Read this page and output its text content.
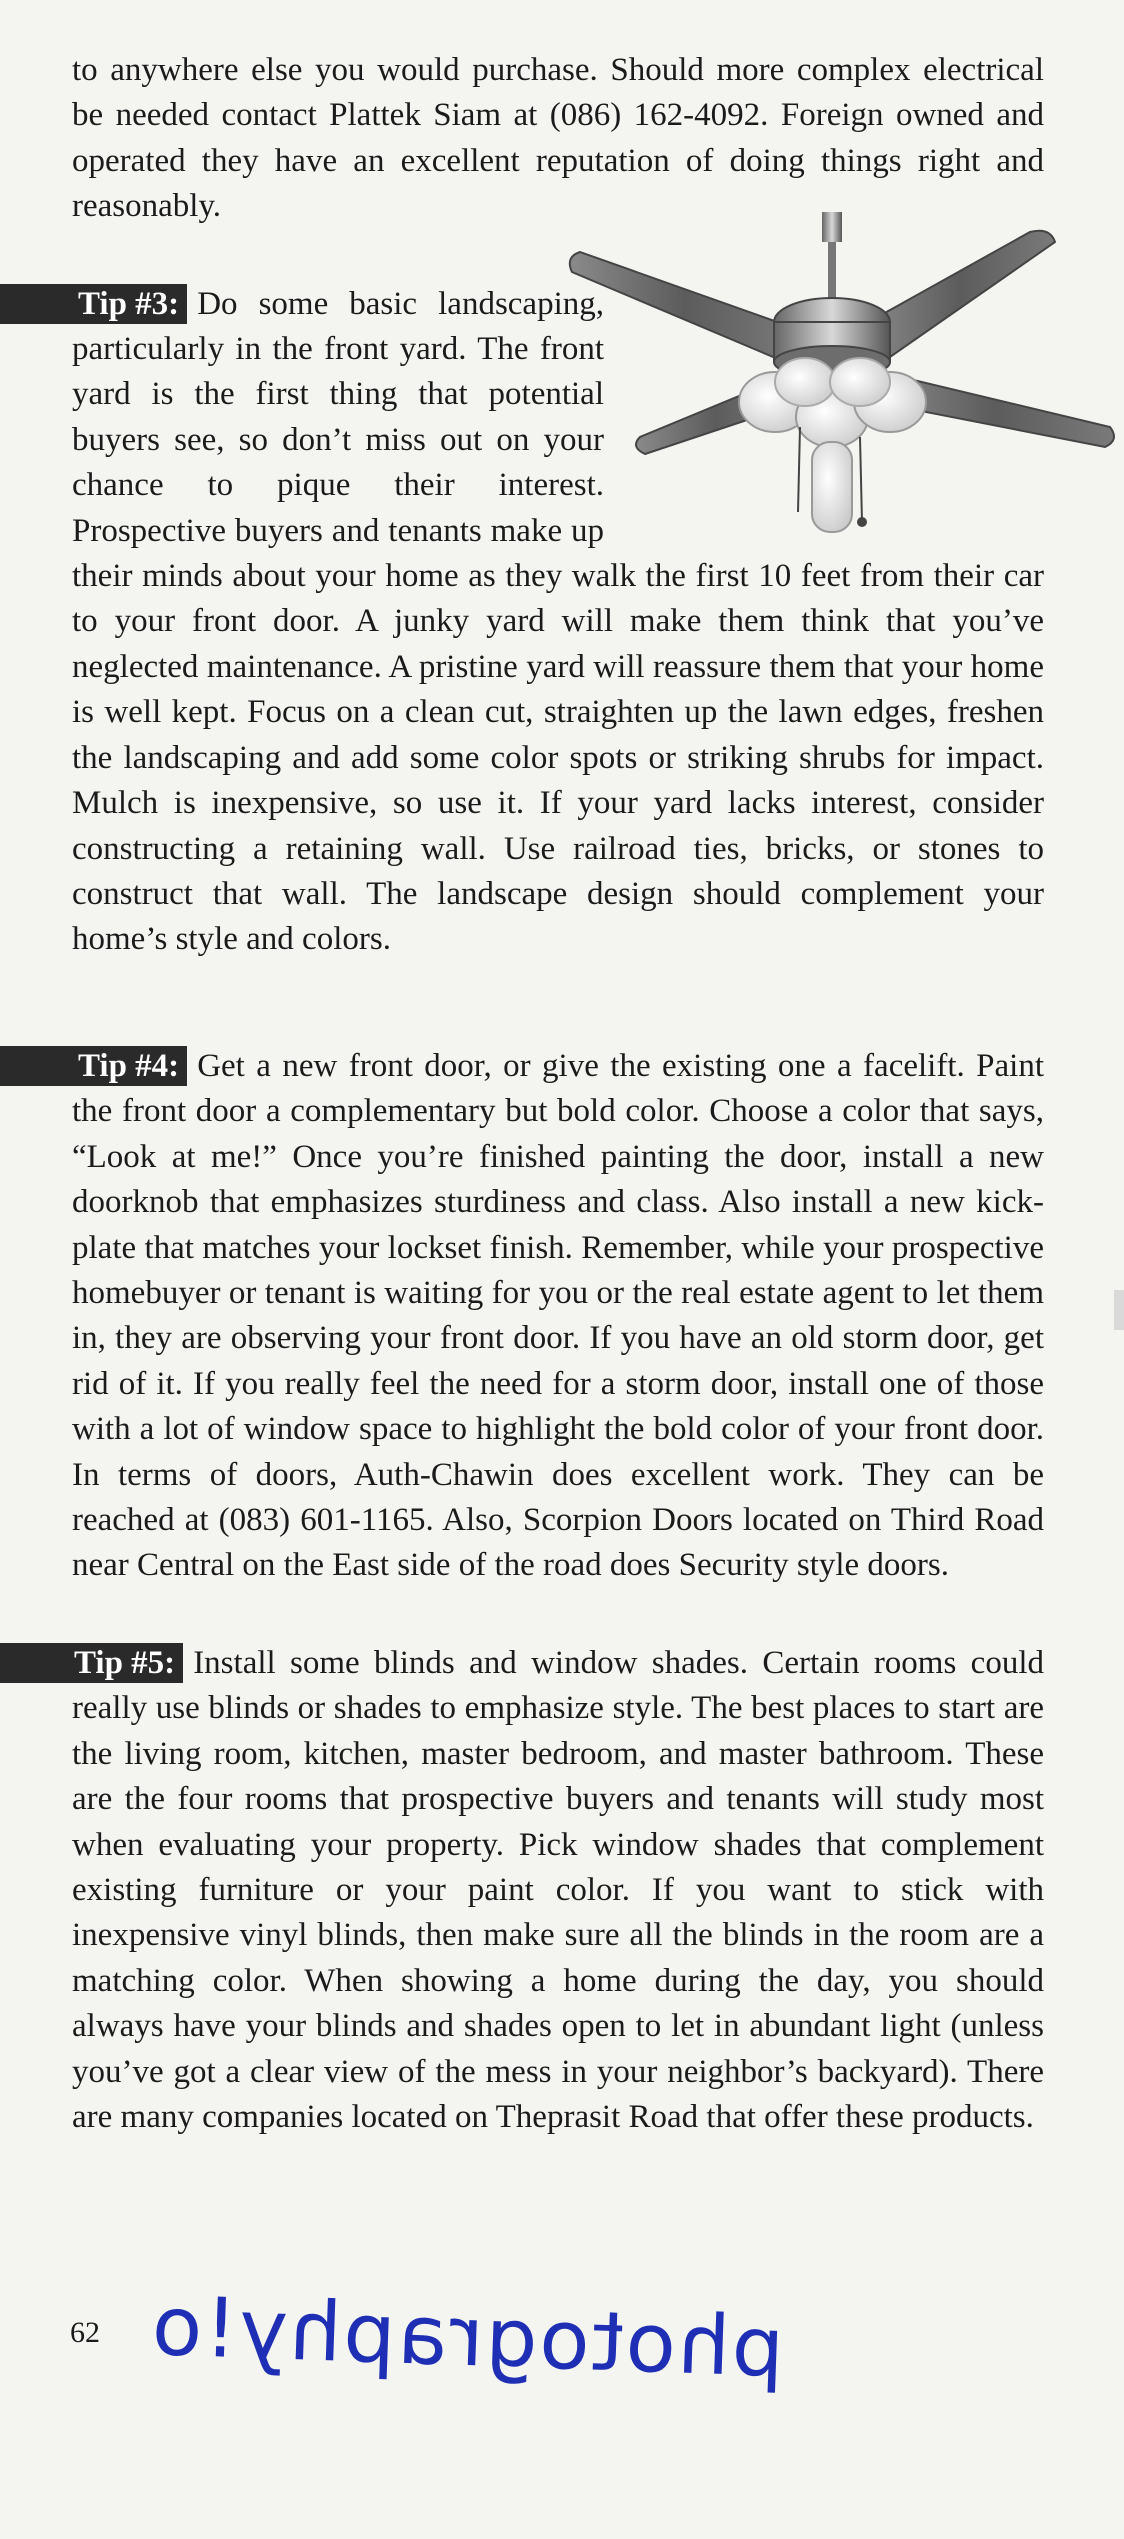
to anywhere else you would purchase. Should more complex electrical be needed contact Plattek Siam at (086) 162-4092. Foreign owned and operated they have an excellent reputation of doing things right and reasonably.

Tip #3: Do some basic landscaping, particularly in the front yard. The front yard is the first thing that potential buyers see, so don’t miss out on your chance to pique their interest. Prospective buyers and tenants make up their minds about your home as they walk the first 10 feet from their car to your front door. A junky yard will make them think that you’ve neglected maintenance. A pristine yard will reassure them that your home is well kept. Focus on a clean cut, straighten up the lawn edges, freshen the landscaping and add some color spots or striking shrubs for impact. Mulch is inexpensive, so use it. If your yard lacks interest, consider constructing a retaining wall. Use railroad ties, bricks, or stones to construct that wall. The landscape design should complement your home’s style and colors.

Tip #4: Get a new front door, or give the existing one a facelift. Paint the front door a complementary but bold color. Choose a color that says, “Look at me!” Once you’re finished painting the door, install a new doorknob that emphasizes sturdiness and class. Also install a new kick-plate that matches your lockset finish. Remember, while your prospective homebuyer or tenant is waiting for you or the real estate agent to let them in, they are observing your front door. If you have an old storm door, get rid of it. If you really feel the need for a storm door, install one of those with a lot of window space to highlight the bold color of your front door. In terms of doors, Auth-Chawin does excellent work. They can be reached at (083) 601-1165. Also, Scorpion Doors located on Third Road near Central on the East side of the road does Security style doors.

Tip #5: Install some blinds and window shades. Certain rooms could really use blinds or shades to emphasize style. The best places to start are the living room, kitchen, master bedroom, and master bathroom. These are the four rooms that prospective buyers and tenants will study most when evaluating your property. Pick window shades that complement existing furniture or your paint color. If you want to stick with inexpensive vinyl blinds, then make sure all the blinds in the room are a matching color. When showing a home during the day, you should always have your blinds and shades open to let in abundant light (unless you’ve got a clear view of the mess in your neighbor’s backyard). There are many companies located on Theprasit Road that offer these products.

62 photography!o
